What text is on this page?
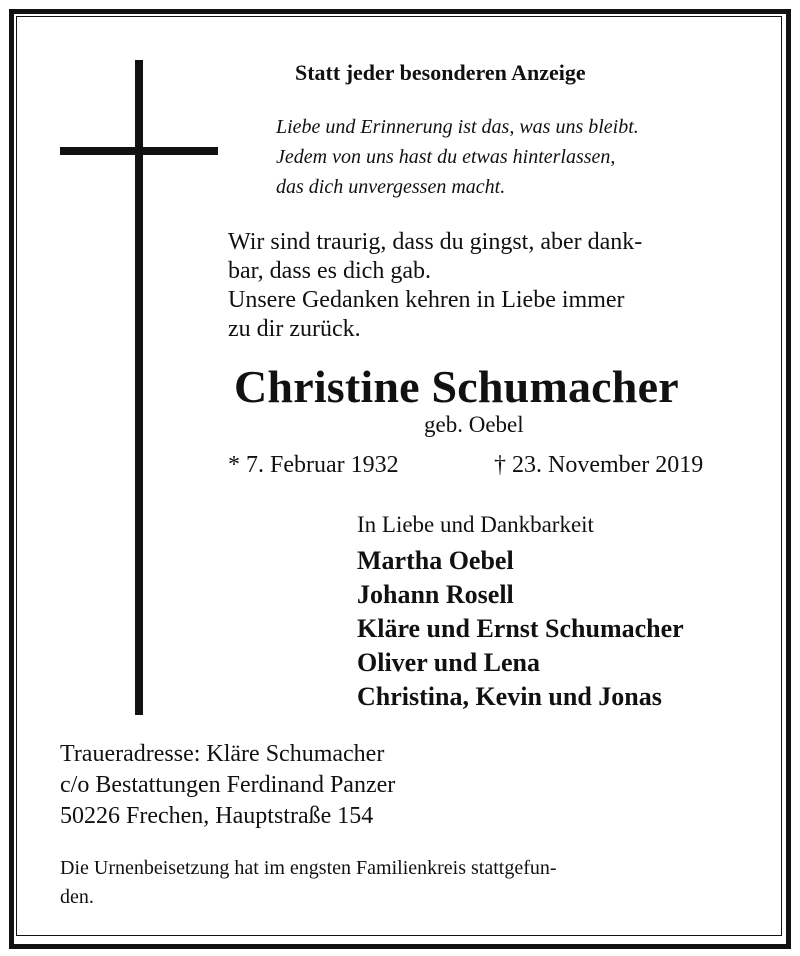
Statt jeder besonderen Anzeige
Liebe und Erinnerung ist das, was uns bleibt.
Jedem von uns hast du etwas hinterlassen,
das dich unvergessen macht.
Wir sind traurig, dass du gingst, aber dank-
bar, dass es dich gab.
Unsere Gedanken kehren in Liebe immer
zu dir zurück.
Christine Schumacher
geb. Oebel
* 7. Februar 1932	† 23. November 2019
In Liebe und Dankbarkeit
Martha Oebel
Johann Rosell
Kläre und Ernst Schumacher
Oliver und Lena
Christina, Kevin und Jonas
Traueradresse: Kläre Schumacher
c/o Bestattungen Ferdinand Panzer
50226 Frechen, Hauptstraße 154
Die Urnenbeisetzung hat im engsten Familienkreis stattgefun-
den.
